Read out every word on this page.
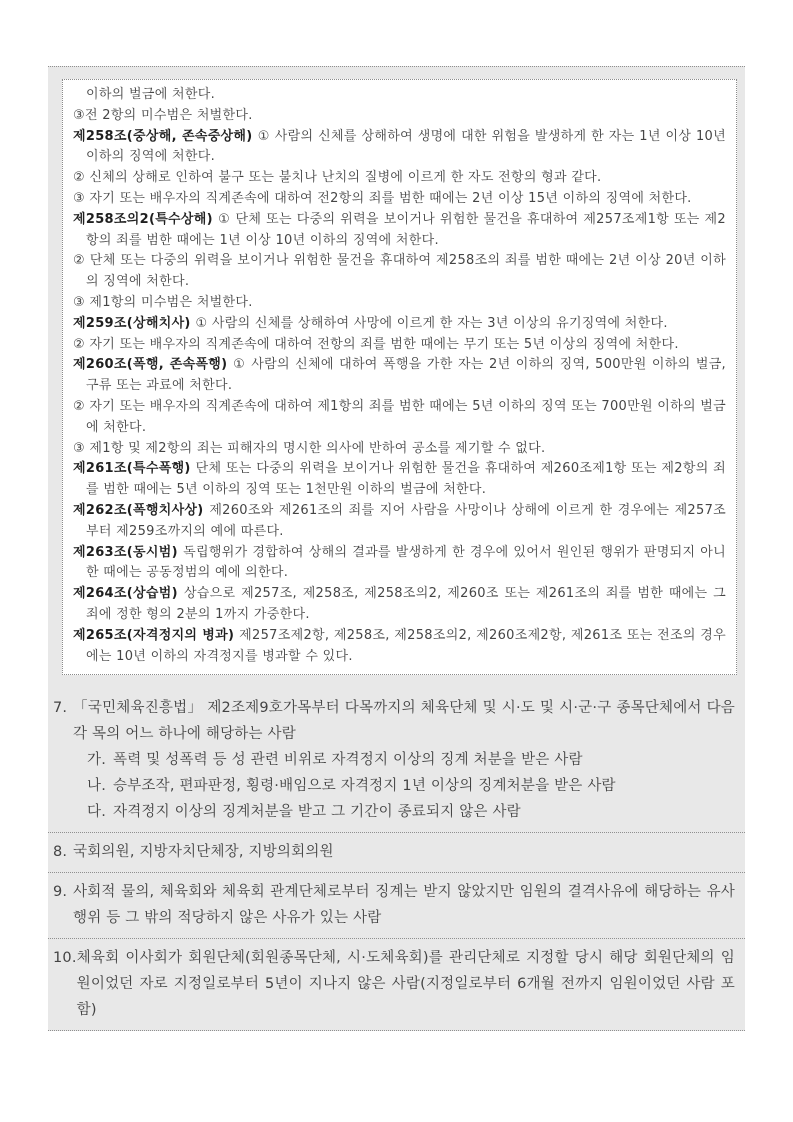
이하의 벌금에 처한다.
③전 2항의 미수범은 처벌한다.
제258조(중상해, 존속중상해) ① 사람의 신체를 상해하여 생명에 대한 위험을 발생하게 한 자는 1년 이상 10년 이하의 징역에 처한다.
② 신체의 상해로 인하여 불구 또는 불치나 난치의 질병에 이르게 한 자도 전항의 형과 같다.
③ 자기 또는 배우자의 직계존속에 대하여 전2항의 죄를 범한 때에는 2년 이상 15년 이하의 징역에 처한다.
제258조의2(특수상해) ① 단체 또는 다중의 위력을 보이거나 위험한 물건을 휴대하여 제257조제1항 또는 제2항의 죄를 범한 때에는 1년 이상 10년 이하의 징역에 처한다.
② 단체 또는 다중의 위력을 보이거나 위험한 물건을 휴대하여 제258조의 죄를 범한 때에는 2년 이상 20년 이하의 징역에 처한다.
③ 제1항의 미수범은 처벌한다.
제259조(상해치사) ① 사람의 신체를 상해하여 사망에 이르게 한 자는 3년 이상의 유기징역에 처한다.
② 자기 또는 배우자의 직계존속에 대하여 전항의 죄를 범한 때에는 무기 또는 5년 이상의 징역에 처한다.
제260조(폭행, 존속폭행) ① 사람의 신체에 대하여 폭행을 가한 자는 2년 이하의 징역, 500만원 이하의 벌금, 구류 또는 과료에 처한다.
② 자기 또는 배우자의 직계존속에 대하여 제1항의 죄를 범한 때에는 5년 이하의 징역 또는 700만원 이하의 벌금에 처한다.
③ 제1항 및 제2항의 죄는 피해자의 명시한 의사에 반하여 공소를 제기할 수 없다.
제261조(특수폭행) 단체 또는 다중의 위력을 보이거나 위험한 물건을 휴대하여 제260조제1항 또는 제2항의 죄를 범한 때에는 5년 이하의 징역 또는 1천만원 이하의 벌금에 처한다.
제262조(폭행치사상) 제260조와 제261조의 죄를 지어 사람을 사망이나 상해에 이르게 한 경우에는 제257조부터 제259조까지의 예에 따른다.
제263조(동시범) 독립행위가 경합하여 상해의 결과를 발생하게 한 경우에 있어서 원인된 행위가 판명되지 아니한 때에는 공동정범의 예에 의한다.
제264조(상습범) 상습으로 제257조, 제258조, 제258조의2, 제260조 또는 제261조의 죄를 범한 때에는 그 죄에 정한 형의 2분의 1까지 가중한다.
제265조(자격정지의 병과) 제257조제2항, 제258조, 제258조의2, 제260조제2항, 제261조 또는 전조의 경우에는 10년 이하의 자격정지를 병과할 수 있다.
7. 「국민체육진흥법」 제2조제9호가목부터 다목까지의 체육단체 및 시·도 및 시·군·구 종목단체에서 다음 각 목의 어느 하나에 해당하는 사람
가. 폭력 및 성폭력 등 성 관련 비위로 자격정지 이상의 징계 처분을 받은 사람
나. 승부조작, 편파판정, 횡령·배임으로 자격정지 1년 이상의 징계처분을 받은 사람
다. 자격정지 이상의 징계처분을 받고 그 기간이 종료되지 않은 사람
8. 국회의원, 지방자치단체장, 지방의회의원
9. 사회적 물의, 체육회와 체육회 관계단체로부터 징계는 받지 않았지만 임원의 결격사유에 해당하는 유사 행위 등 그 밖의 적당하지 않은 사유가 있는 사람
10. 체육회 이사회가 회원단체(회원종목단체, 시·도체육회)를 관리단체로 지정할 당시 해당 회원단체의 임원이었던 자로 지정일로부터 5년이 지나지 않은 사람(지정일로부터 6개월 전까지 임원이었던 사람 포함)
